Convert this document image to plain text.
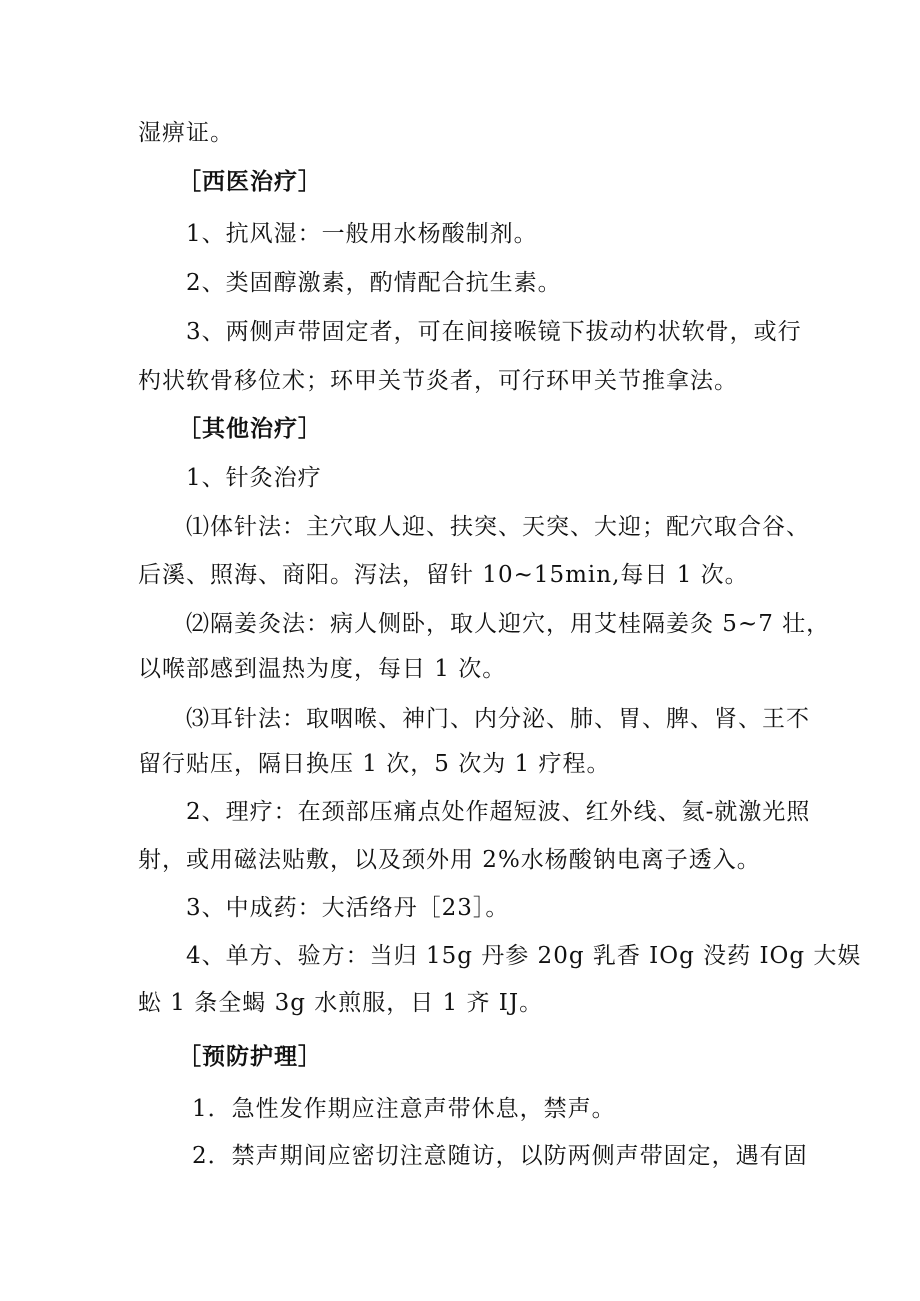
湿痹证。
［西医治疗］
1、抗风湿：一般用水杨酸制剂。
2、类固醇激素，酌情配合抗生素。
3、两侧声带固定者，可在间接喉镜下拔动杓状软骨，或行
杓状软骨移位术；环甲关节炎者，可行环甲关节推拿法。
［其他治疗］
1、针灸治疗
⑴体针法：主穴取人迎、扶突、天突、大迎；配穴取合谷、
后溪、照海、商阳。泻法，留针 10~15min,每日 1 次。
⑵隔姜灸法：病人侧卧，取人迎穴，用艾桂隔姜灸 5~7 壮，
以喉部感到温热为度，每日 1 次。
⑶耳针法：取咽喉、神门、内分泌、肺、胃、脾、肾、王不
留行贴压，隔日换压 1 次，5 次为 1 疗程。
2、理疗：在颈部压痛点处作超短波、红外线、氦-就激光照
射，或用磁法贴敷，以及颈外用 2%水杨酸钠电离子透入。
3、中成药：大活络丹［23］。
4、单方、验方：当归 15g 丹参 20g 乳香 IOg 没药 IOg 大娱
蚣 1 条全蝎 3g 水煎服，日 1 齐 IJ。
［预防护理］
1．急性发作期应注意声带休息，禁声。
2．禁声期间应密切注意随访，以防两侧声带固定，遇有固
